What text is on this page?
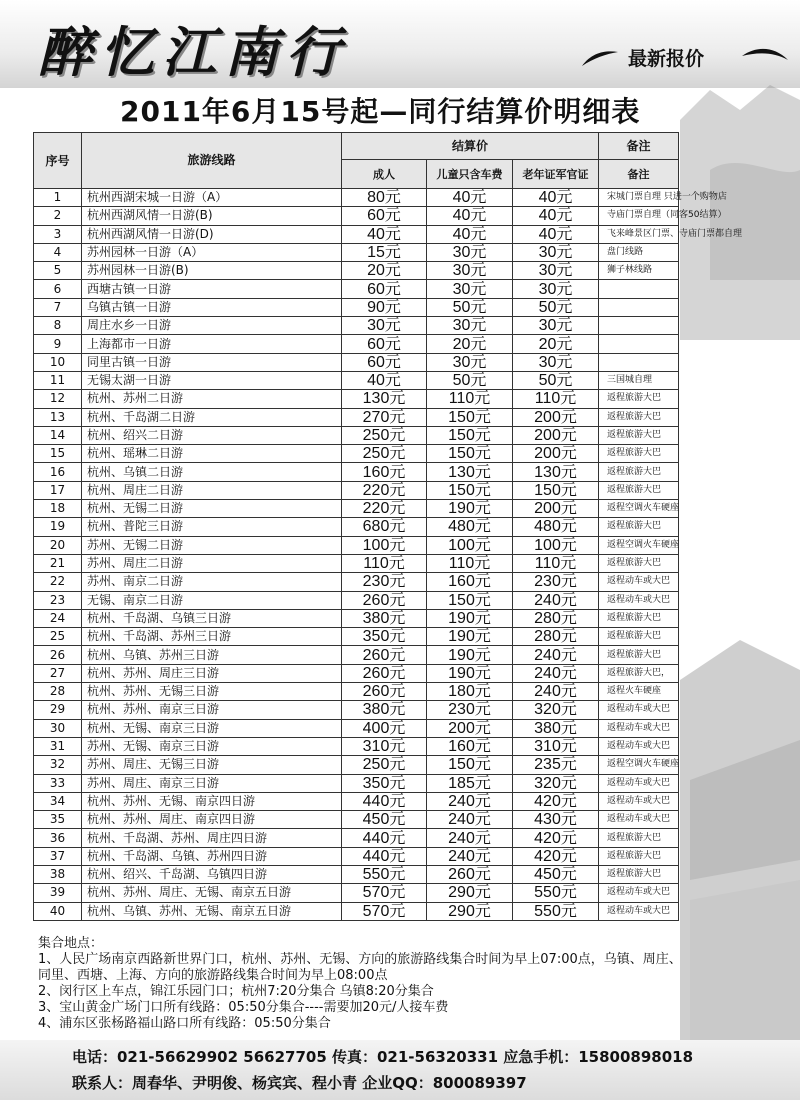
醉忆江南行	最新报价
2011年6月15号起—同行结算价明细表
序号	旅游线路	结算价			备注
		成人	儿童只含车费	老年证军官证	备注
1	杭州西湖宋城一日游（A）	80元	40元	40元	宋城门票自理 只进一个购物店
2	杭州西湖风情一日游(B)	60元	40元	40元	寺庙门票自理（同客50结算）
3	杭州西湖风情一日游(D)	40元	40元	40元	飞来峰景区门票、寺庙门票都自理
4	苏州园林一日游（A）	15元	30元	30元	盘门线路
5	苏州园林一日游(B)	20元	30元	30元	狮子林线路
6	西塘古镇一日游	60元	30元	30元	
7	乌镇古镇一日游	90元	50元	50元	
8	周庄水乡一日游	30元	30元	30元	
9	上海都市一日游	60元	20元	20元	
10	同里古镇一日游	60元	30元	30元	
11	无锡太湖一日游	40元	50元	50元	三国城自理
12	杭州、苏州二日游	130元	110元	110元	返程旅游大巴
13	杭州、千岛湖二日游	270元	150元	200元	返程旅游大巴
14	杭州、绍兴二日游	250元	150元	200元	返程旅游大巴
15	杭州、瑶琳二日游	250元	150元	200元	返程旅游大巴
16	杭州、乌镇二日游	160元	130元	130元	返程旅游大巴
17	杭州、周庄二日游	220元	150元	150元	返程旅游大巴
18	杭州、无锡二日游	220元	190元	200元	返程空调火车硬座
19	杭州、普陀三日游	680元	480元	480元	返程旅游大巴
20	苏州、无锡二日游	100元	100元	100元	返程空调火车硬座
21	苏州、周庄二日游	110元	110元	110元	返程旅游大巴
22	苏州、南京二日游	230元	160元	230元	返程动车或大巴
23	无锡、南京二日游	260元	150元	240元	返程动车或大巴
24	杭州、千岛湖、乌镇三日游	380元	190元	280元	返程旅游大巴
25	杭州、千岛湖、苏州三日游	350元	190元	280元	返程旅游大巴
26	杭州、乌镇、苏州三日游	260元	190元	240元	返程旅游大巴
27	杭州、苏州、周庄三日游	260元	190元	240元	返程旅游大巴，
28	杭州、苏州、无锡三日游	260元	180元	240元	返程火车硬座
29	杭州、苏州、南京三日游	380元	230元	320元	返程动车或大巴
30	杭州、无锡、南京三日游	400元	200元	380元	返程动车或大巴
31	苏州、无锡、南京三日游	310元	160元	310元	返程动车或大巴
32	苏州、周庄、无锡三日游	250元	150元	235元	返程空调火车硬座
33	苏州、周庄、南京三日游	350元	185元	320元	返程动车或大巴
34	杭州、苏州、无锡、南京四日游	440元	240元	420元	返程动车或大巴
35	杭州、苏州、周庄、南京四日游	450元	240元	430元	返程动车或大巴
36	杭州、千岛湖、苏州、周庄四日游	440元	240元	420元	返程旅游大巴
37	杭州、千岛湖、乌镇、苏州四日游	440元	240元	420元	返程旅游大巴
38	杭州、绍兴、千岛湖、乌镇四日游	550元	260元	450元	返程旅游大巴
39	杭州、苏州、周庄、无锡、南京五日游	570元	290元	550元	返程动车或大巴
40	杭州、乌镇、苏州、无锡、南京五日游	570元	290元	550元	返程动车或大巴
集合地点：
1、人民广场南京西路新世界门口，杭州、苏州、无锡、方向的旅游路线集合时间为早上07:00点，乌镇、周庄、
同里、西塘、上海、方向的旅游路线集合时间为早上08:00点
2、闵行区上车点，锦江乐园门口；杭州7:20分集合 乌镇8:20分集合
3、宝山黄金广场门口所有线路：05:50分集合----需要加20元/人接车费
4、浦东区张杨路福山路口所有线路：05:50分集合
电话：021-56629902 56627705 传真：021-56320331 应急手机：15800898018
联系人：周春华、尹明俊、杨宾宾、程小青 企业QQ：800089397
